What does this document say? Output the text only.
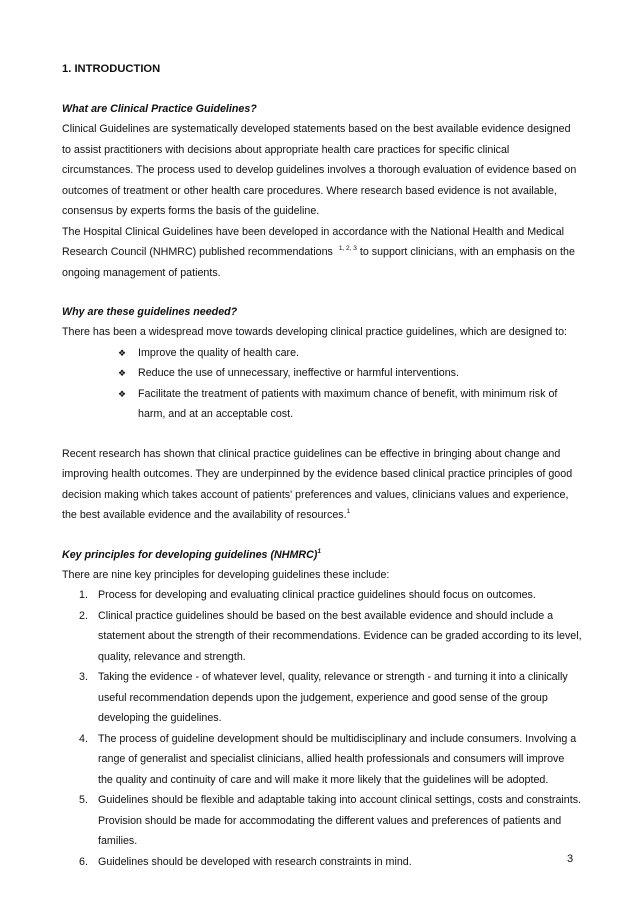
1. INTRODUCTION

What are Clinical Practice Guidelines?

Clinical Guidelines are systematically developed statements based on the best available evidence designed to assist practitioners with decisions about appropriate health care practices for specific clinical circumstances. The process used to develop guidelines involves a thorough evaluation of evidence based on outcomes of treatment or other health care procedures. Where research based evidence is not available, consensus by experts forms the basis of the guideline.

The Hospital Clinical Guidelines have been developed in accordance with the National Health and Medical Research Council (NHMRC) published recommendations $^{1, 2, 3}$ to support clinicians, with an emphasis on the ongoing management of patients.

Why are these guidelines needed?

There has been a widespread move towards developing clinical practice guidelines, which are designed to:

❖ Improve the quality of health care.
❖ Reduce the use of unnecessary, ineffective or harmful interventions.
❖ Facilitate the treatment of patients with maximum chance of benefit, with minimum risk of harm, and at an acceptable cost.

Recent research has shown that clinical practice guidelines can be effective in bringing about change and improving health outcomes. They are underpinned by the evidence based clinical practice principles of good decision making which takes account of patients' preferences and values, clinicians values and experience, the best available evidence and the availability of resources.$^1$

Key principles for developing guidelines (NHMRC)$^1$

There are nine key principles for developing guidelines these include:

1. Process for developing and evaluating clinical practice guidelines should focus on outcomes.
2. Clinical practice guidelines should be based on the best available evidence and should include a statement about the strength of their recommendations. Evidence can be graded according to its level, quality, relevance and strength.
3. Taking the evidence - of whatever level, quality, relevance or strength - and turning it into a clinically useful recommendation depends upon the judgement, experience and good sense of the group developing the guidelines.
4. The process of guideline development should be multidisciplinary and include consumers. Involving a range of generalist and specialist clinicians, allied health professionals and consumers will improve the quality and continuity of care and will make it more likely that the guidelines will be adopted.
5. Guidelines should be flexible and adaptable taking into account clinical settings, costs and constraints. Provision should be made for accommodating the different values and preferences of patients and families.
6. Guidelines should be developed with research constraints in mind.	3
